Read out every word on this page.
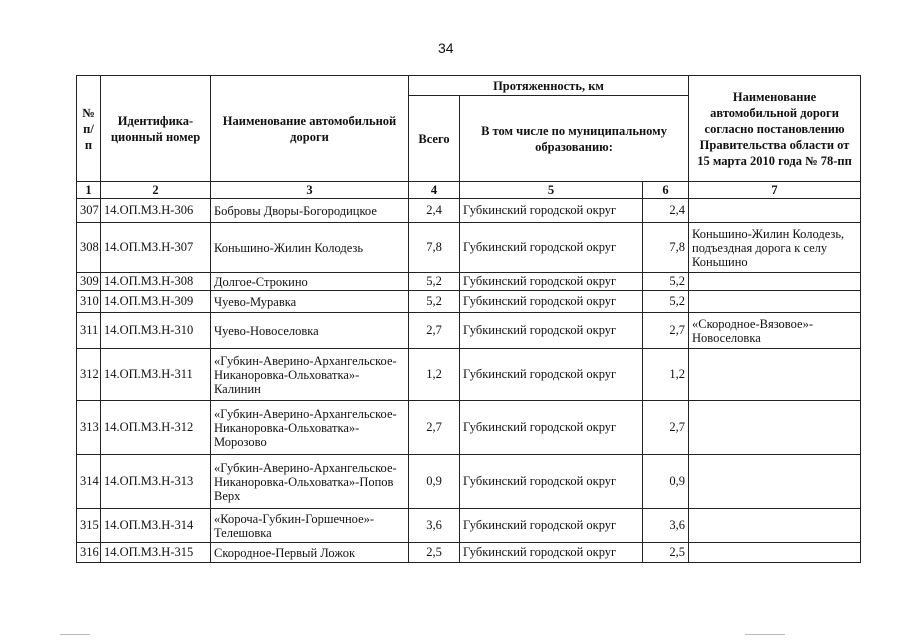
34
№ п/п	Идентифика-ционный номер	Наименование автомобильной дороги	Протяженность, км			Наименование автомобильной дороги согласно постановлению Правительства области от 15 марта 2010 года № 78-пп
			Всего	В том числе по муниципальному образованию:		
1	2	3	4	5	6	7
307	14.ОП.МЗ.Н-306	Бобровы Дворы-Богородицкое	2,4	Губкинский городской округ	2,4	
308	14.ОП.МЗ.Н-307	Коньшино-Жилин Колодезь	7,8	Губкинский городской округ	7,8	Коньшино-Жилин Колодезь, подъездная дорога к селу Коньшино
309	14.ОП.МЗ.Н-308	Долгое-Строкино	5,2	Губкинский городской округ	5,2	
310	14.ОП.МЗ.Н-309	Чуево-Муравка	5,2	Губкинский городской округ	5,2	
311	14.ОП.МЗ.Н-310	Чуево-Новоселовка	2,7	Губкинский городской округ	2,7	«Скородное-Вязовое»-Новоселовка
312	14.ОП.МЗ.Н-311	«Губкин-Аверино-Архангельское-Никаноровка-Ольховатка»-Калинин	1,2	Губкинский городской округ	1,2	
313	14.ОП.МЗ.Н-312	«Губкин-Аверино-Архангельское-Никаноровка-Ольховатка»-Морозово	2,7	Губкинский городской округ	2,7	
314	14.ОП.МЗ.Н-313	«Губкин-Аверино-Архангельское-Никаноровка-Ольховатка»-Попов Верх	0,9	Губкинский городской округ	0,9	
315	14.ОП.МЗ.Н-314	«Короча-Губкин-Горшечное»-Телешовка	3,6	Губкинский городской округ	3,6	
316	14.ОП.МЗ.Н-315	Скородное-Первый Ложок	2,5	Губкинский городской округ	2,5	
